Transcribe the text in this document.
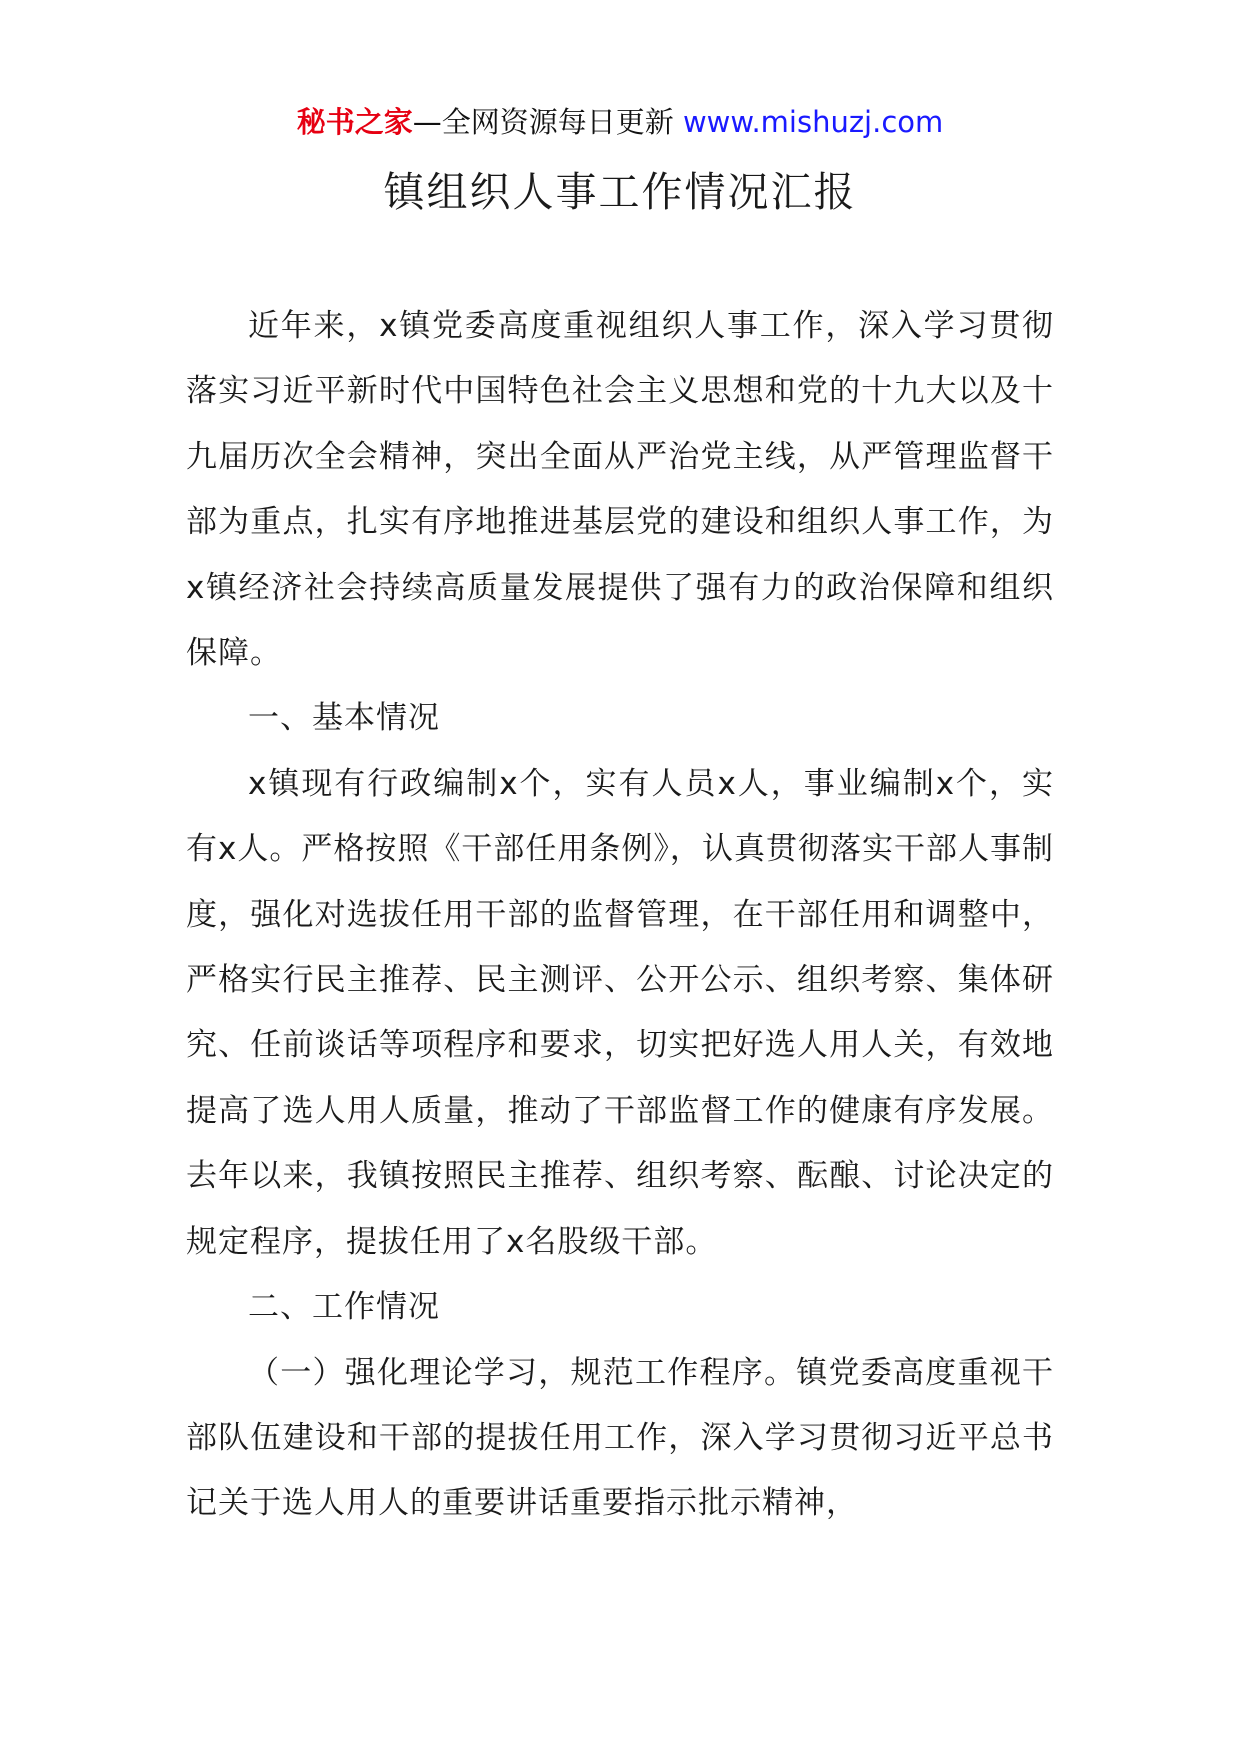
秘书之家—全网资源每日更新 www.mishuzj.com
镇组织人事工作情况汇报

近年来，x镇党委高度重视组织人事工作，深入学习贯彻落实习近平新时代中国特色社会主义思想和党的十九大以及十九届历次全会精神，突出全面从严治党主线，从严管理监督干部为重点，扎实有序地推进基层党的建设和组织人事工作，为x镇经济社会持续高质量发展提供了强有力的政治保障和组织保障。

一、基本情况

x镇现有行政编制x个，实有人员x人，事业编制x个，实有x人。严格按照《干部任用条例》，认真贯彻落实干部人事制度，强化对选拔任用干部的监督管理，在干部任用和调整中，严格实行民主推荐、民主测评、公开公示、组织考察、集体研究、任前谈话等项程序和要求，切实把好选人用人关，有效地提高了选人用人质量，推动了干部监督工作的健康有序发展。去年以来，我镇按照民主推荐、组织考察、酝酿、讨论决定的规定程序，提拔任用了x名股级干部。

二、工作情况

（一）强化理论学习，规范工作程序。镇党委高度重视干部队伍建设和干部的提拔任用工作，深入学习贯彻习近平总书记关于选人用人的重要讲话重要指示批示精神，
